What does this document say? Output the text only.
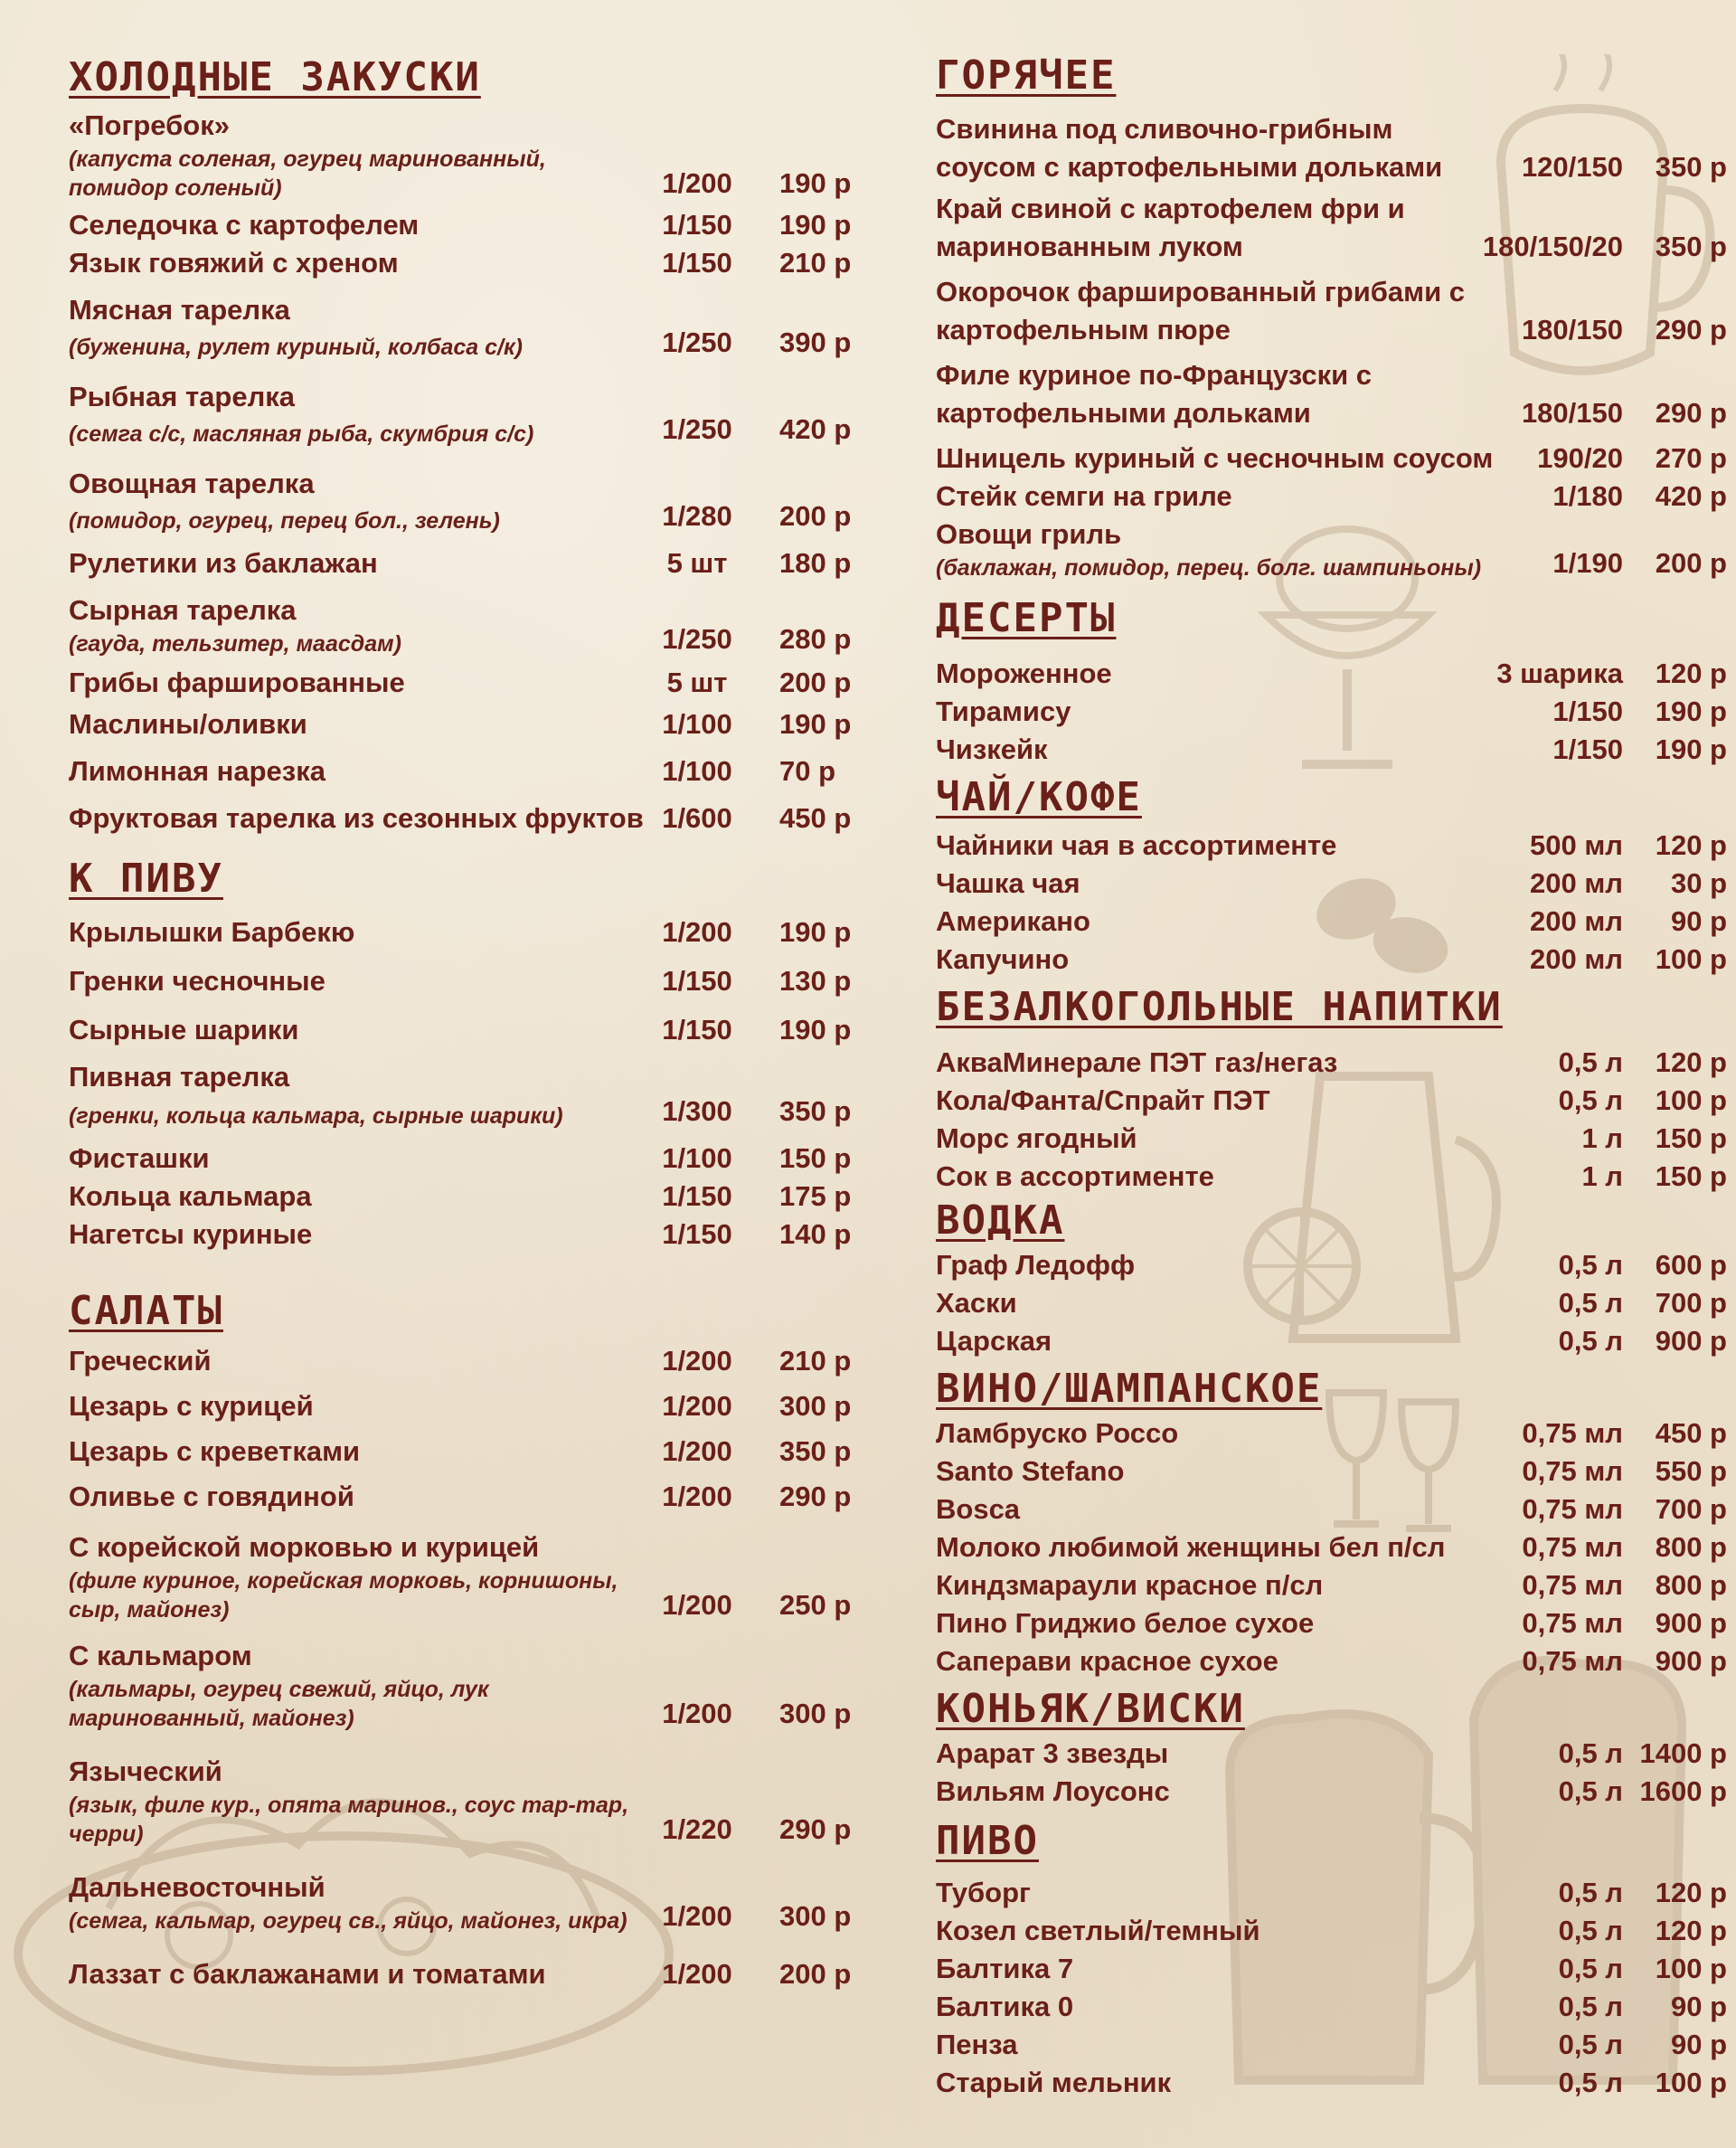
ХОЛОДНЫЕ ЗАКУСКИ
«Погребок»
(капуста соленая, огурец маринованный, помидор соленый)	1/200	190 р
Селедочка с картофелем	1/150	190 р
Язык говяжий с хреном	1/150	210 р
Мясная тарелка
(буженина, рулет куриный, колбаса с/к)	1/250	390 р
Рыбная тарелка
(семга с/с, масляная рыба, скумбрия с/с)	1/250	420 р
Овощная тарелка
(помидор, огурец, перец бол., зелень)	1/280	200 р
Рулетики из баклажан	5 шт	180 р
Сырная тарелка
(гауда, тельзитер, маасдам)	1/250	280 р
Грибы фаршированные	5 шт	200 р
Маслины/оливки	1/100	190 р
Лимонная нарезка	1/100	70 р
Фруктовая тарелка из сезонных фруктов 1/600	450 р
К ПИВУ
Крылышки Барбекю	1/200	190 р
Гренки чесночные	1/150	130 р
Сырные шарики	1/150	190 р
Пивная тарелка
(гренки, кольца кальмара, сырные шарики)	1/300	350 р
Фисташки	1/100	150 р
Кольца кальмара	1/150	175 р
Нагетсы куриные	1/150	140 р
САЛАТЫ
Греческий	1/200	210 р
Цезарь с курицей	1/200	300 р
Цезарь с креветками	1/200	350 р
Оливье с говядиной	1/200	290 р
С корейской морковью и курицей
(филе куриное, корейская морковь, корнишоны, сыр, майонез)	1/200	250 р
С кальмаром
(кальмары, огурец свежий, яйцо, лук маринованный, майонез)	1/200	300 р
Языческий
(язык, филе кур., опята маринов., соус тар-тар, черри)	1/220	290 р
Дальневосточный
(семга, кальмар, огурец св., яйцо, майонез, икра)	1/200	300 р
Лаззат с баклажанами и томатами	1/200	200 р
ГОРЯЧЕЕ
Свинина под сливочно-грибным соусом с картофельными дольками	120/150	350 р
Край свиной с картофелем фри и маринованным луком	180/150/20	350 р
Окорочок фаршированный грибами с картофельным пюре	180/150	290 р
Филе куриное по-Французски с картофельными дольками	180/150	290 р
Шницель куриный с чесночным соусом	190/20	270 р
Стейк семги на гриле	1/180	420 р
Овощи гриль
(баклажан, помидор, перец. болг. шампиньоны)	1/190	200 р
ДЕСЕРТЫ
Мороженное	3 шарика	120 р
Тирамису	1/150	190 р
Чизкейк	1/150	190 р
ЧАЙ/КОФЕ
Чайники чая в ассортименте	500 мл	120 р
Чашка чая	200 мл	30 р
Американо	200 мл	90 р
Капучино	200 мл	100 р
БЕЗАЛКОГОЛЬНЫЕ НАПИТКИ
АкваМинерале ПЭТ газ/негаз	0,5 л	120 р
Кола/Фанта/Спрайт ПЭТ	0,5 л	100 р
Морс ягодный	1 л	150 р
Сок в ассортименте	1 л	150 р
ВОДКА
Граф Ледофф	0,5 л	600 р
Хаски	0,5 л	700 р
Царская	0,5 л	900 р
ВИНО/ШАМПАНСКОЕ
Ламбруско Россо	0,75 мл	450 р
Santo Stefano	0,75 мл	550 р
Bosca	0,75 мл	700 р
Молоко любимой женщины бел п/сл	0,75 мл	800 р
Киндзмараули красное п/сл	0,75 мл	800 р
Пино Гриджио белое сухое	0,75 мл	900 р
Саперави красное сухое	0,75 мл	900 р
КОНЬЯК/ВИСКИ
Арарат 3 звезды	0,5 л 1400 р
Вильям Лоусонс	0,5 л 1600 р
ПИВО
Туборг	0,5 л	120 р
Козел светлый/темный	0,5 л	120 р
Балтика 7	0,5 л	100 р
Балтика 0	0,5 л	90 р
Пенза	0,5 л	90 р
Старый мельник	0,5 л	100 р
